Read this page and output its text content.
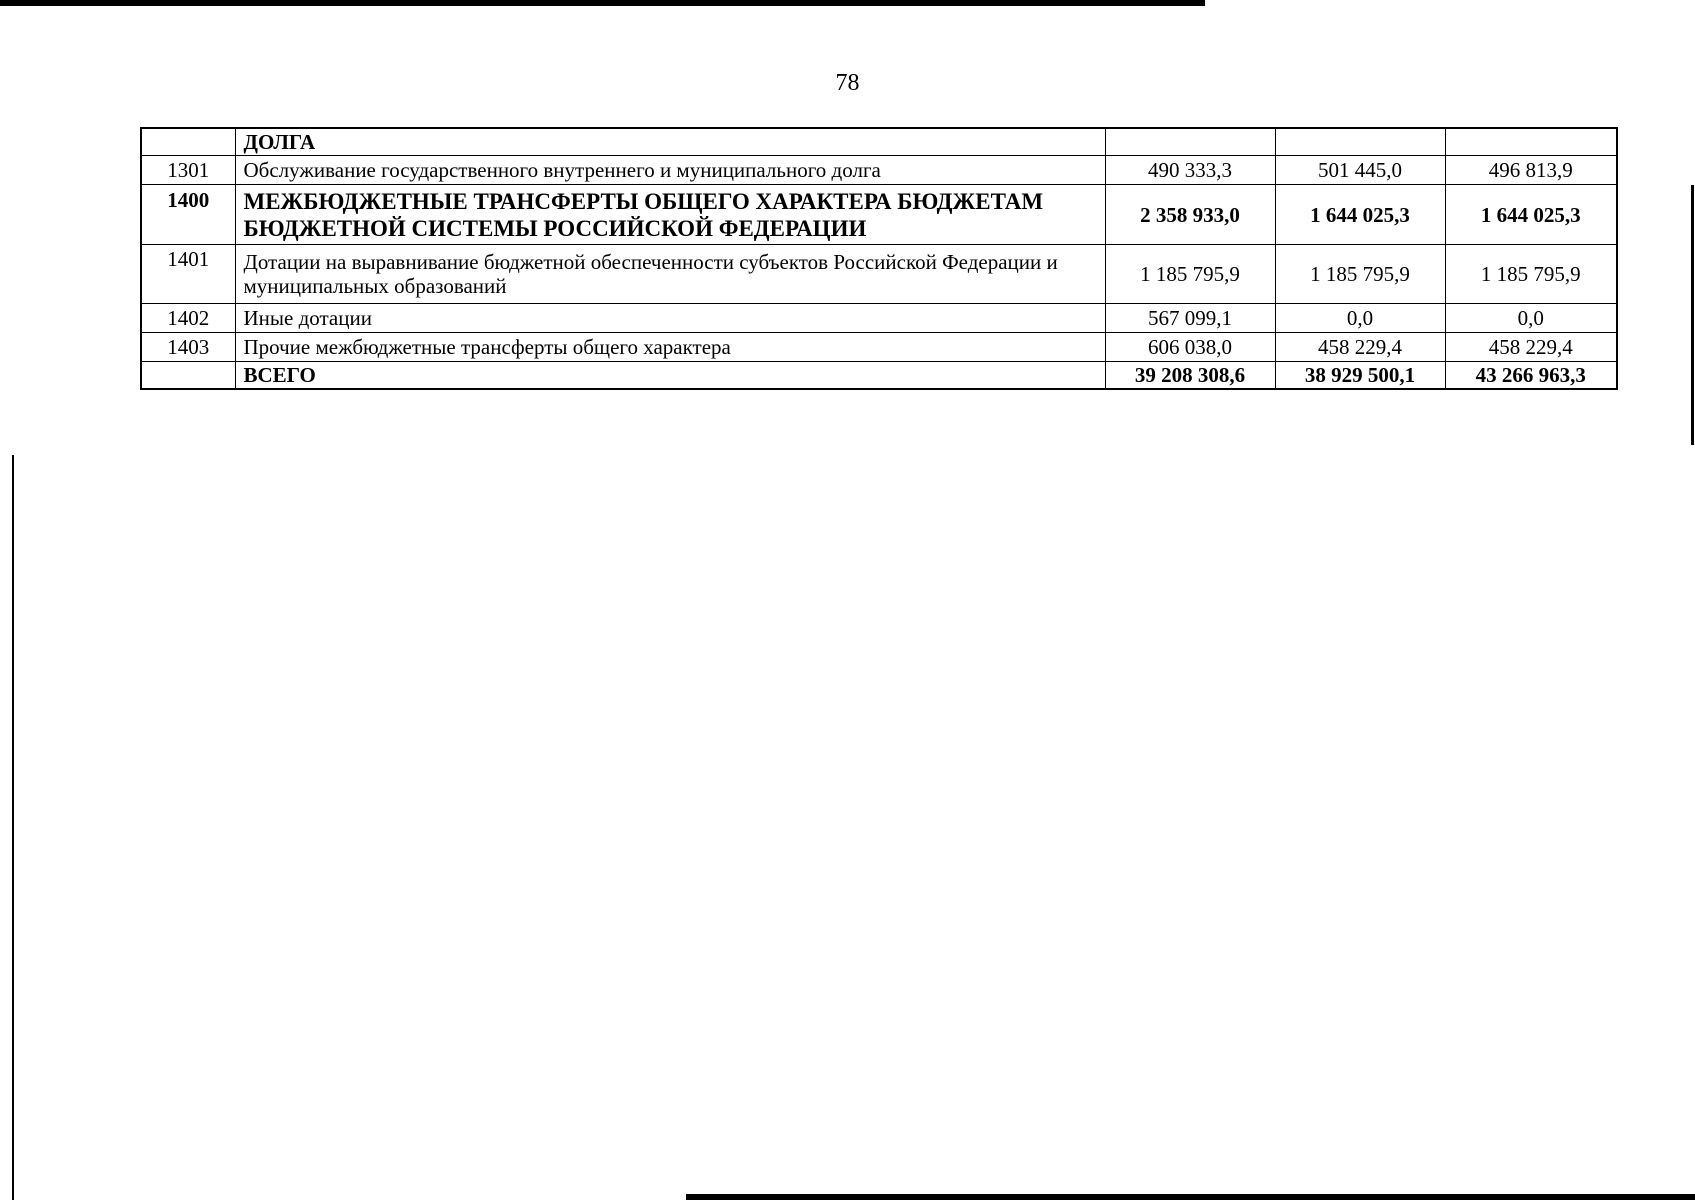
78
	ДОЛГА			
1301	Обслуживание государственного внутреннего и муниципального долга	490 333,3	501 445,0	496 813,9
1400	МЕЖБЮДЖЕТНЫЕ ТРАНСФЕРТЫ ОБЩЕГО ХАРАКТЕРА БЮДЖЕТАМ БЮДЖЕТНОЙ СИСТЕМЫ РОССИЙСКОЙ ФЕДЕРАЦИИ	2 358 933,0	1 644 025,3	1 644 025,3
1401	Дотации на выравнивание бюджетной обеспеченности субъектов Российской Федерации и муниципальных образований	1 185 795,9	1 185 795,9	1 185 795,9
1402	Иные дотации	567 099,1	0,0	0,0
1403	Прочие межбюджетные трансферты общего характера	606 038,0	458 229,4	458 229,4
	ВСЕГО	39 208 308,6	38 929 500,1	43 266 963,3
